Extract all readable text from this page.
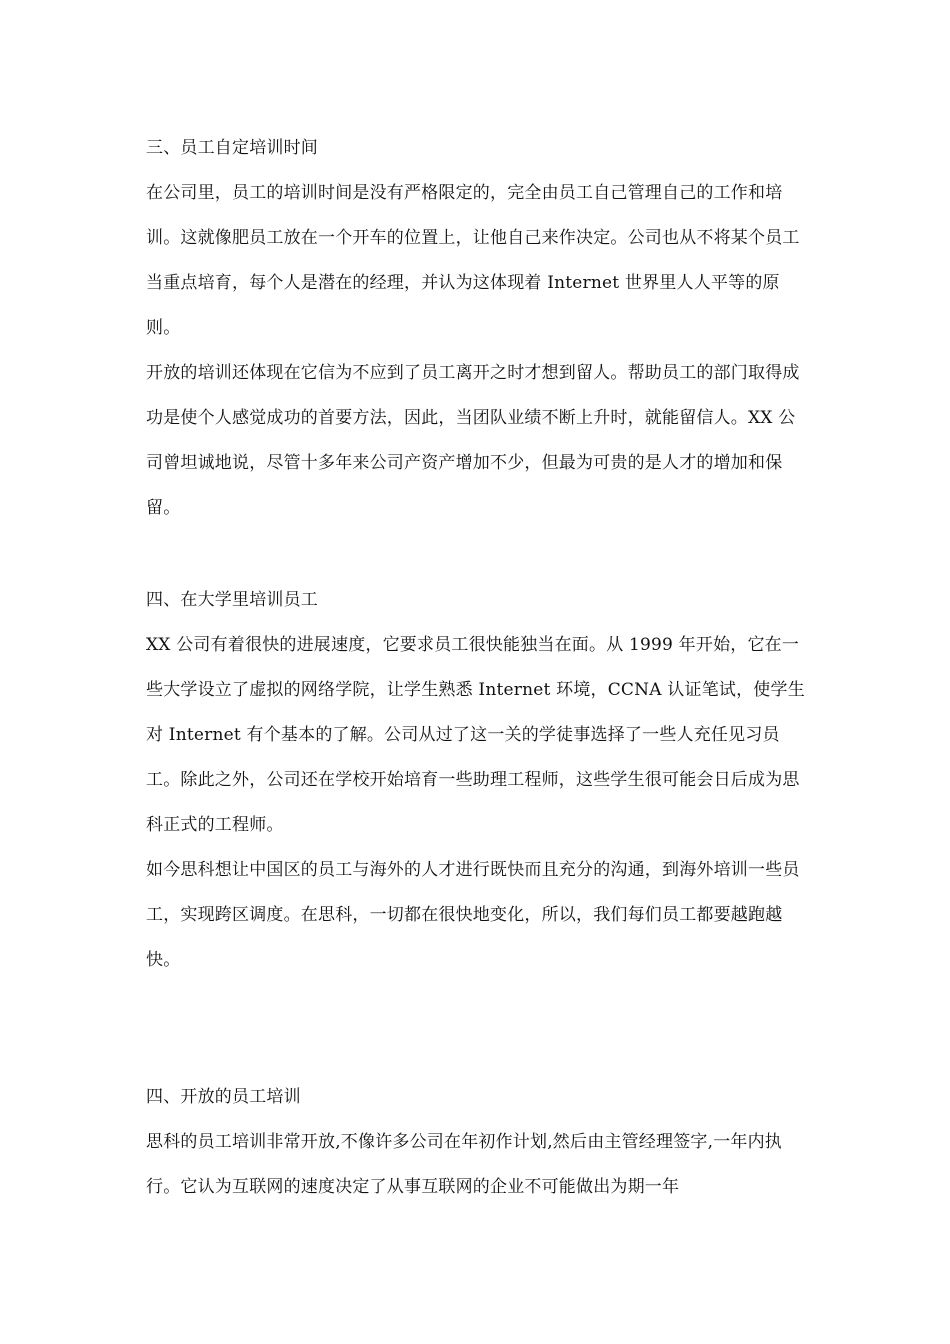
三、员工自定培训时间

在公司里，员工的培训时间是没有严格限定的，完全由员工自己管理自己的工作和培训。这就像肥员工放在一个开车的位置上，让他自己来作决定。公司也从不将某个员工当重点培育，每个人是潜在的经理，并认为这体现着 Internet 世界里人人平等的原则。

开放的培训还体现在它信为不应到了员工离开之时才想到留人。帮助员工的部门取得成功是使个人感觉成功的首要方法，因此，当团队业绩不断上升时，就能留信人。XX 公司曾坦诚地说，尽管十多年来公司产资产增加不少，但最为可贵的是人才的增加和保留。

四、在大学里培训员工

XX 公司有着很快的进展速度，它要求员工很快能独当在面。从 1999 年开始，它在一些大学设立了虚拟的网络学院，让学生熟悉 Internet 环境，CCNA 认证笔试，使学生对 Internet 有个基本的了解。公司从过了这一关的学徒事选择了一些人充任见习员工。除此之外，公司还在学校开始培育一些助理工程师，这些学生很可能会日后成为思科正式的工程师。

如今思科想让中国区的员工与海外的人才进行既快而且充分的沟通，到海外培训一些员工，实现跨区调度。在思科，一切都在很快地变化，所以，我们每们员工都要越跑越快。

四、开放的员工培训

思科的员工培训非常开放,不像许多公司在年初作计划,然后由主管经理签字,一年内执行。它认为互联网的速度决定了从事互联网的企业不可能做出为期一年
